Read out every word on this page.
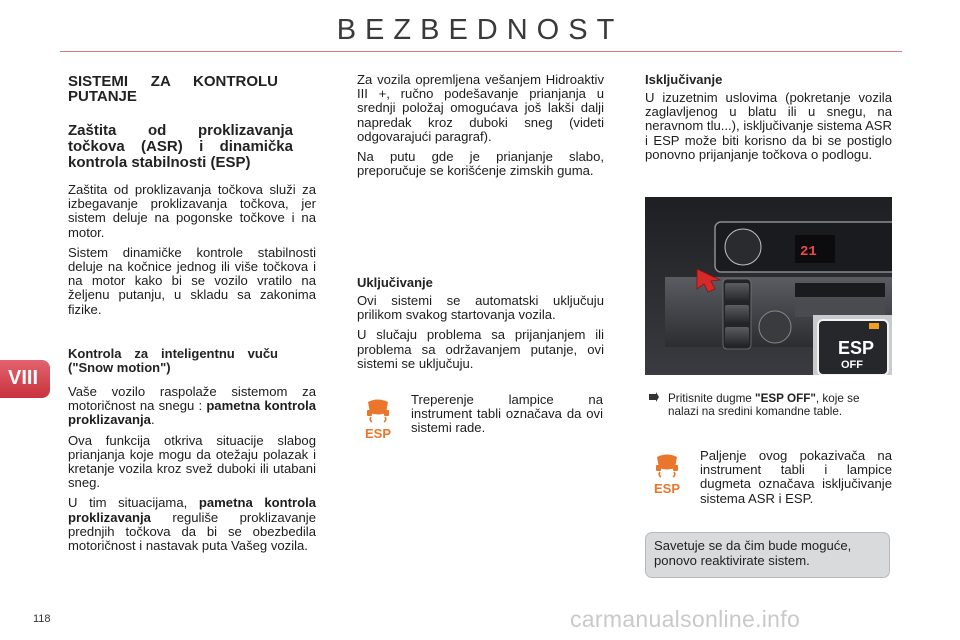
BEZBEDNOST
VIII
SISTEMI ZA KONTROLU PUTANJE
Zaštita od proklizavanja točkova (ASR) i dinamička kontrola stabilnosti (ESP)

Zaštita od proklizavanja točkova služi za izbegavanje proklizavanja točkova, jer sistem deluje na pogonske točkove i na motor.

Sistem dinamičke kontrole stabilnosti deluje na kočnice jednog ili više točkova i na motor kako bi se vozilo vratilo na željenu putanju, u skladu sa zakonima fizike.

Kontrola za inteligentnu vuču ("Snow motion")

Vaše vozilo raspolaže sistemom za motoričnost na snegu : pametna kontrola proklizavanja.

Ova funkcija otkriva situacije slabog prianjanja koje mogu da otežaju polazak i kretanje vozila kroz svež duboki ili utabani sneg.

U tim situacijama, pametna kontrola proklizavanja reguliše proklizavanje prednjih točkova da bi se obezbedila motoričnost i nastavak puta Vašeg vozila.

Za vozila opremljena vešanjem Hidroaktiv III +, ručno podešavanje prianjanja u srednji položaj omogućava još lakši dalji napredak kroz duboki sneg (videti odgovarajući paragraf).

Na putu gde je prianjanje slabo, preporučuje se korišćenje zimskih guma.

Uključivanje

Ovi sistemi se automatski uključuju prilikom svakog startovanja vozila.

U slučaju problema sa prijanjanjem ili problema sa održavanjem putanje, ovi sistemi se uključuju.

ESP
Treperenje lampice na instrument tabli označava da ovi sistemi rade.
Isključivanje

U izuzetnim uslovima (pokretanje vozila zaglavljenog u blatu ili u snegu, na neravnom tlu...), isključivanje sistema ASR i ESP može biti korisno da bi se postiglo ponovno prijanjanje točkova o podlogu.

21
ESP
OFF
Pritisnite dugme "ESP OFF", koje se nalazi na sredini komandne table.
ESP
Paljenje ovog pokazivača na instrument tabli i lampice dugmeta označava isključivanje sistema ASR i ESP.
Savetuje se da čim bude moguće, ponovo reaktivirate sistem.
118	carmanualsonline.info
